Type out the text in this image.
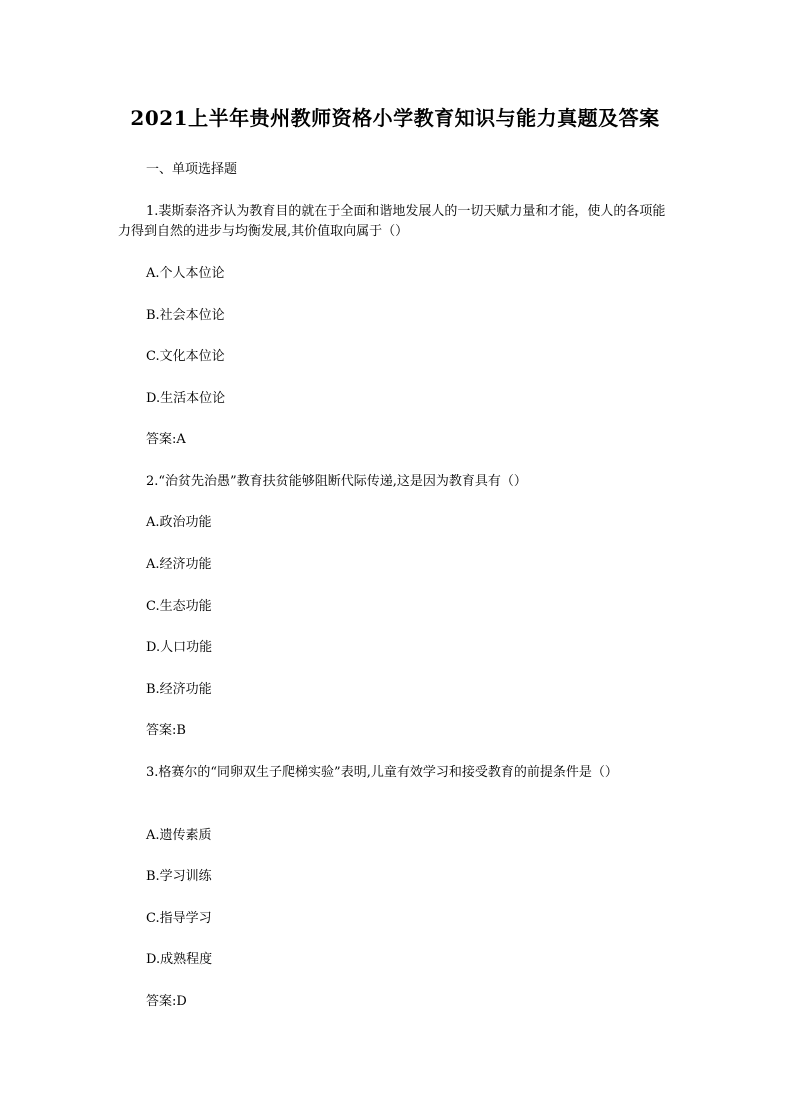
2021上半年贵州教师资格小学教育知识与能力真题及答案
一、单项选择题
1.裴斯泰洛齐认为教育目的就在于全面和谐地发展人的一切天赋力量和才能，使人的各项能力得到自然的进步与均衡发展,其价值取向属于（）
A.个人本位论
B.社会本位论
C.文化本位论
D.生活本位论
答案:A
2.“治贫先治愚”教育扶贫能够阻断代际传递,这是因为教育具有（）
A.政治功能
A.经济功能
C.生态功能
D.人口功能
B.经济功能
答案:B
3.格赛尔的“同卵双生子爬梯实验”表明,儿童有效学习和接受教育的前提条件是（）
A.遗传素质
B.学习训练
C.指导学习
D.成熟程度
答案:D
